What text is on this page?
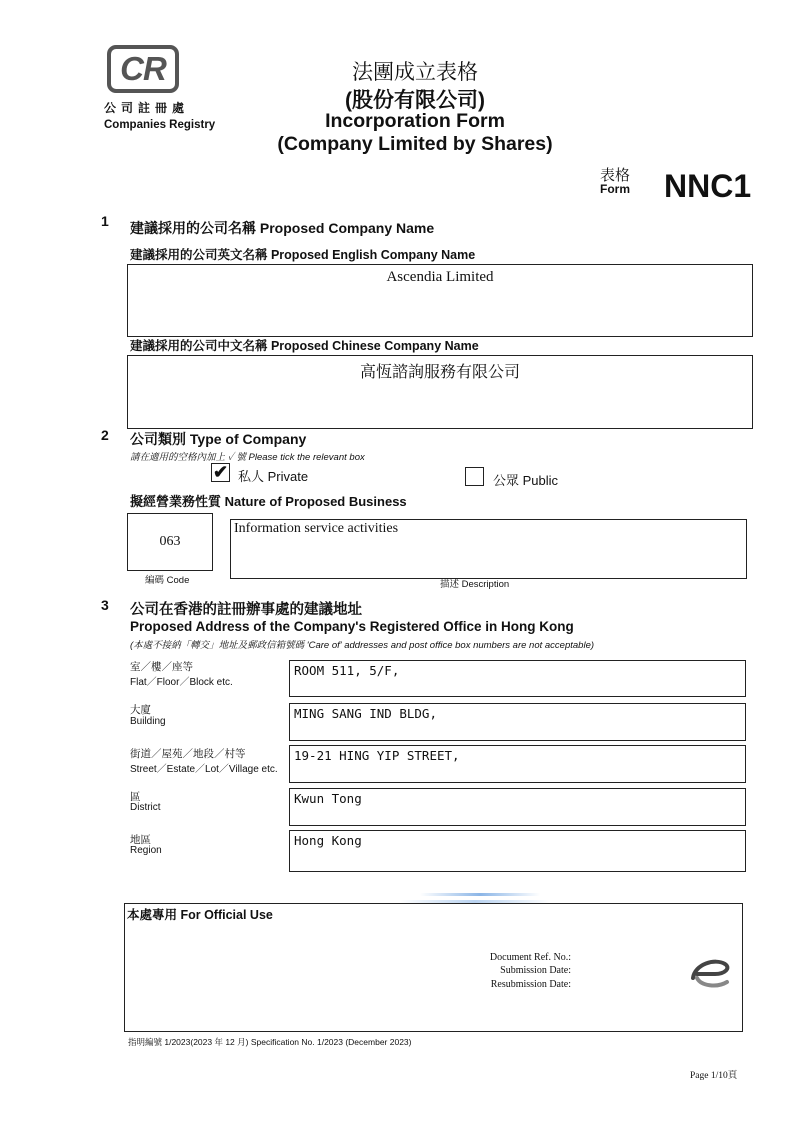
CR
公司註冊處
Companies Registry
法團成立表格
(股份有限公司)
Incorporation Form
(Company Limited by Shares)
表格
Form NNC1
1 建議採用的公司名稱 Proposed Company Name
建議採用的公司英文名稱 Proposed English Company Name
Ascendia Limited
建議採用的公司中文名稱 Proposed Chinese Company Name
高恆諮詢服務有限公司
2 公司類別 Type of Company
請在適用的空格內加上 ✓ 號 Please tick the relevant box
✔ 私人 Private	公眾 Public
擬經營業務性質 Nature of Proposed Business
063
編碼 Code
Information service activities
描述 Description
3 公司在香港的註冊辦事處的建議地址
Proposed Address of the Company's Registered Office in Hong Kong
(本處不接納「轉交」地址及郵政信箱號碼 'Care of' addresses and post office box numbers are not acceptable)
室／樓／座等
Flat／Floor／Block etc.
ROOM 511, 5/F,
大廈
Building
MING SANG IND BLDG,
街道／屋苑／地段／村等
Street／Estate／Lot／Village etc.
19-21 HING YIP STREET,
區
District
Kwun Tong
地區
Region
Hong Kong
本處專用 For Official Use
Document Ref. No.:
Submission Date:
Resubmission Date:
e
指明編號 1/2023(2023 年 12 月) Specification No. 1/2023 (December 2023)
Page 1/10頁
